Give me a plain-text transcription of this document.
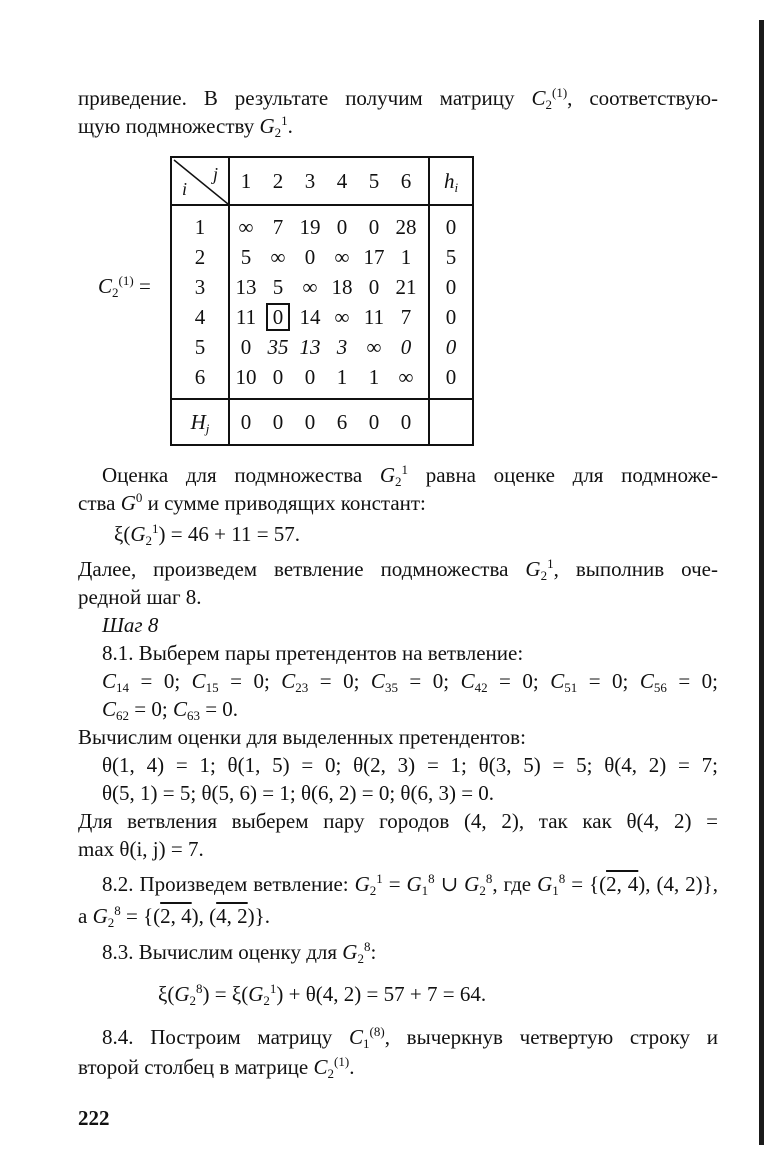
приведение. В результате получим матрицу $C_2^{(1)}$, соответствую-
щую подмножеству $G_2^1$.
$C_2^{(1)}$ =
j
i	1	2	3	4	5	6	$h_i$
1	∞	7	19	0	0	28	0
2	5	∞	0	∞	17	1	5
3	13	5	∞	18	0	21	0
4	11	0	14	∞	11	7	0
5	0	35	13	3	∞	0	0
6	10	0	0	1	1	∞	0
$H_j$	0	0	0	6	0	0	
Оценка для подмножества $G_2^1$ равна оценке для подмноже-
ства $G^0$ и сумме приводящих констант:
$\xi(G_2^1) = 46 + 11 = 57$.
Далее, произведем ветвление подмножества $G_2^1$, выполнив оче-
редной шаг 8.
Шаг 8
8.1. Выберем пары претендентов на ветвление:
$C_{14} = 0$; $C_{15} = 0$; $C_{23} = 0$; $C_{35} = 0$; $C_{42} = 0$; $C_{51} = 0$; $C_{56} = 0$;
$C_{62} = 0$; $C_{63} = 0$.
Вычислим оценки для выделенных претендентов:
θ(1, 4) = 1; θ(1, 5) = 0; θ(2, 3) = 1; θ(3, 5) = 5; θ(4, 2) = 7;
θ(5, 1) = 5; θ(5, 6) = 1; θ(6, 2) = 0; θ(6, 3) = 0.
Для ветвления выберем пару городов (4, 2), так как θ(4, 2) =
max θ(i, j) = 7.
8.2. Произведем ветвление: $G_2^1 = G_1^8$ ∪ $G_2^8$, где $G_1^8 = \{(2$, 4), (4, 2)},
а $G_2^8 = \{(2$, 4), (4, 2)}.
8.3. Вычислим оценку для $G_2^8$:
$\xi(G_2^8) = \xi(G_2^1) + \theta(4$, 2) = 57 + 7 = 64.
8.4. Построим матрицу $C_1^{(8)}$, вычеркнув четвертую строку и
второй столбец в матрице $C_2^{(1)}$.
222
